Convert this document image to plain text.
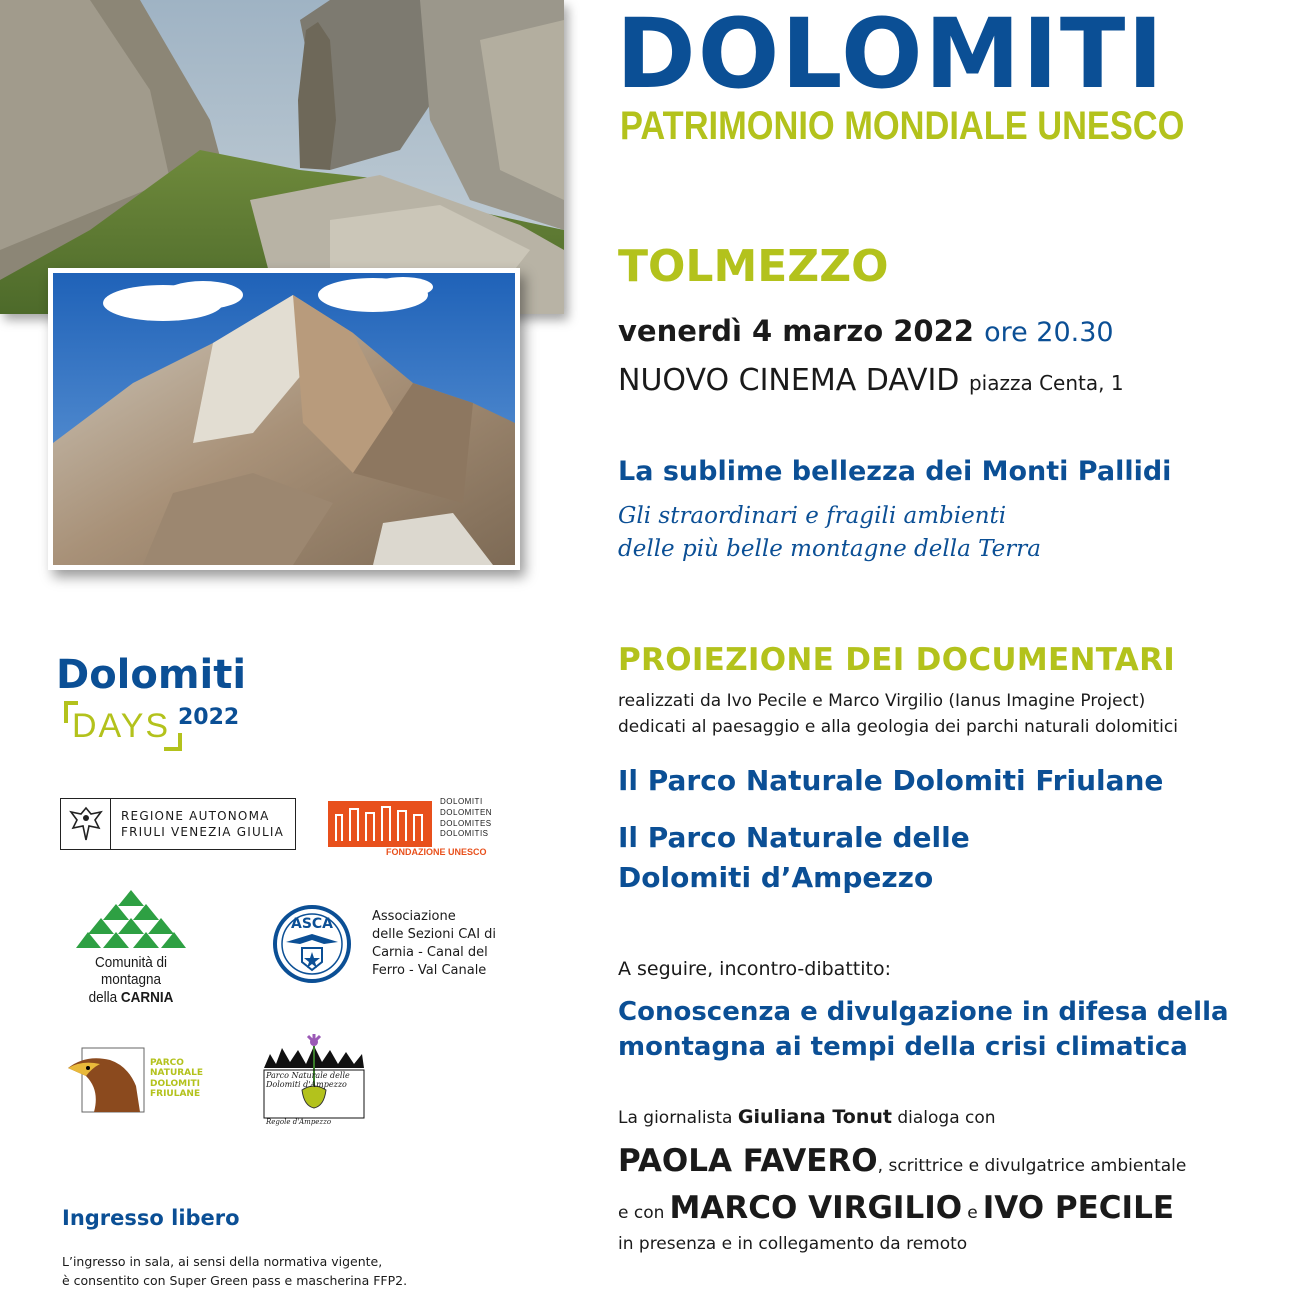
DOLOMITI
PATRIMONIO MONDIALE UNESCO
TOLMEZZO
venerdì 4 marzo 2022 ore 20.30
NUOVO CINEMA DAVID piazza Centa, 1
La sublime bellezza dei Monti Pallidi
Gli straordinari e fragili ambienti
delle più belle montagne della Terra
PROIEZIONE DEI DOCUMENTARI
realizzati da Ivo Pecile e Marco Virgilio (Ianus Imagine Project)
dedicati al paesaggio e alla geologia dei parchi naturali dolomitici
Il Parco Naturale Dolomiti Friulane
Il Parco Naturale delle
Dolomiti d’Ampezzo
A seguire, incontro-dibattito:
Conoscenza e divulgazione in difesa della
montagna ai tempi della crisi climatica
La giornalista Giuliana Tonut dialoga con
PAOLA FAVERO, scrittrice e divulgatrice ambientale
e con MARCO VIRGILIO e IVO PECILE
in presenza e in collegamento da remoto
Dolomiti
DAYS 2022
REGIONE AUTONOMA
FRIULI VENEZIA GIULIA
DOLOMITI
DOLOMITEN
DOLOMITES
DOLOMITIS
FONDAZIONE UNESCO
Comunità di montagna
della CARNIA
ASCA	Associazione
delle Sezioni CAI di
Carnia - Canal del
Ferro - Val Canale
PARCO
NATURALE
DOLOMITI
FRIULANE
Parco Naturale delle
Dolomiti d'Ampezzo
Regole d'Ampezzo
Ingresso libero
L’ingresso in sala, ai sensi della normativa vigente,
è consentito con Super Green pass e mascherina FFP2.
